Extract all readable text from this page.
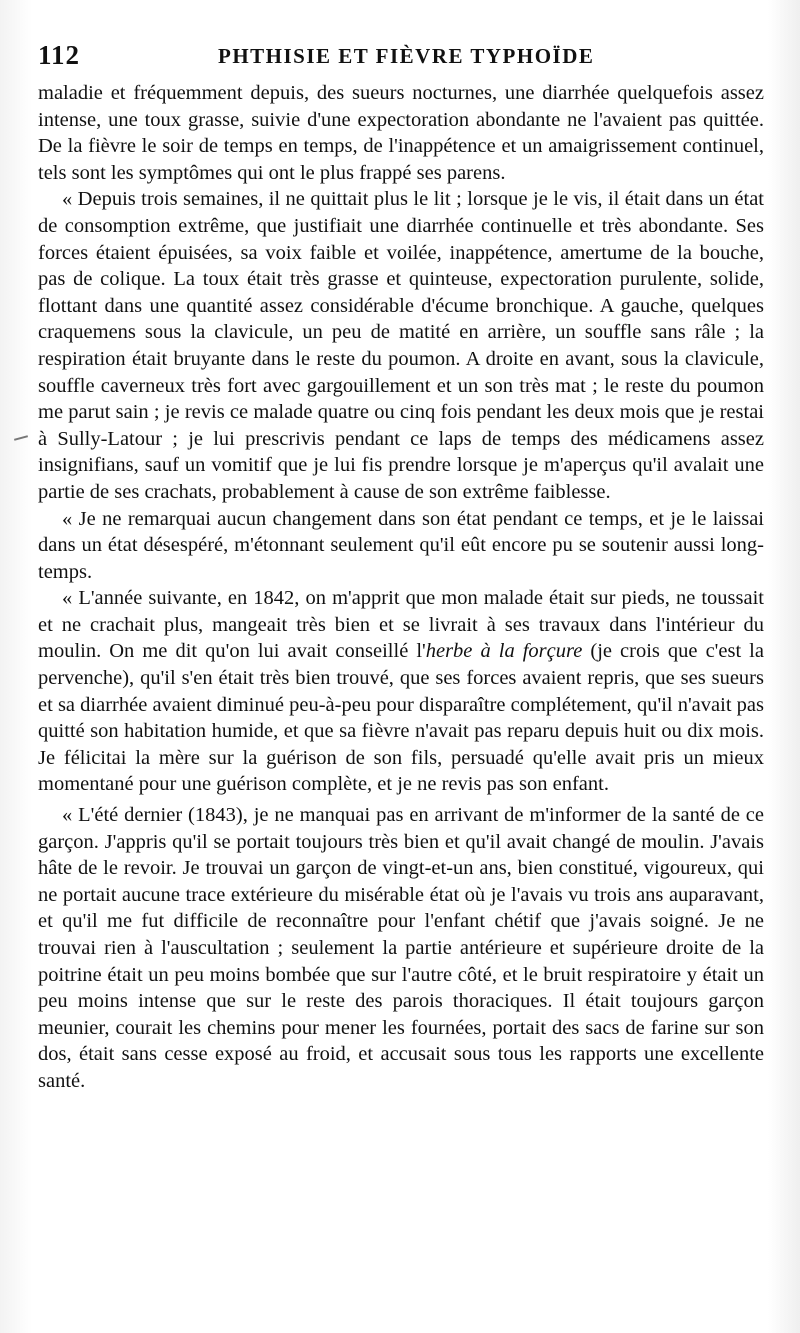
112	PHTHISIE ET FIÈVRE TYPHOÏDE

maladie et fréquemment depuis, des sueurs nocturnes, une diarrhée quelquefois assez intense, une toux grasse, suivie d'une expectoration abondante ne l'avaient pas quittée. De la fièvre le soir de temps en temps, de l'inappétence et un amaigrissement continuel, tels sont les symptômes qui ont le plus frappé ses parens.

« Depuis trois semaines, il ne quittait plus le lit ; lorsque je le vis, il était dans un état de consomption extrême, que justifiait une diarrhée continuelle et très abondante. Ses forces étaient épuisées, sa voix faible et voilée, inappétence, amertume de la bouche, pas de colique. La toux était très grasse et quinteuse, expectoration purulente, solide, flottant dans une quantité assez considérable d'écume bronchique. A gauche, quelques craquemens sous la clavicule, un peu de matité en arrière, un souffle sans râle ; la respiration était bruyante dans le reste du poumon. A droite en avant, sous la clavicule, souffle caverneux très fort avec gargouillement et un son très mat ; le reste du poumon me parut sain ; je revis ce malade quatre ou cinq fois pendant les deux mois que je restai à Sully-Latour ; je lui prescrivis pendant ce laps de temps des médicamens assez insignifians, sauf un vomitif que je lui fis prendre lorsque je m'aperçus qu'il avalait une partie de ses crachats, probablement à cause de son extrême faiblesse.

« Je ne remarquai aucun changement dans son état pendant ce temps, et je le laissai dans un état désespéré, m'étonnant seulement qu'il eût encore pu se soutenir aussi long-temps.

« L'année suivante, en 1842, on m'apprit que mon malade était sur pieds, ne toussait et ne crachait plus, mangeait très bien et se livrait à ses travaux dans l'intérieur du moulin. On me dit qu'on lui avait conseillé l'herbe à la forçure (je crois que c'est la pervenche), qu'il s'en était très bien trouvé, que ses forces avaient repris, que ses sueurs et sa diarrhée avaient diminué peu-à-peu pour disparaître complétement, qu'il n'avait pas quitté son habitation humide, et que sa fièvre n'avait pas reparu depuis huit ou dix mois. Je félicitai la mère sur la guérison de son fils, persuadé qu'elle avait pris un mieux momentané pour une guérison complète, et je ne revis pas son enfant.

« L'été dernier (1843), je ne manquai pas en arrivant de m'informer de la santé de ce garçon. J'appris qu'il se portait toujours très bien et qu'il avait changé de moulin. J'avais hâte de le revoir. Je trouvai un garçon de vingt-et-un ans, bien constitué, vigoureux, qui ne portait aucune trace extérieure du misérable état où je l'avais vu trois ans auparavant, et qu'il me fut difficile de reconnaître pour l'enfant chétif que j'avais soigné. Je ne trouvai rien à l'auscultation ; seulement la partie antérieure et supérieure droite de la poitrine était un peu moins bombée que sur l'autre côté, et le bruit respiratoire y était un peu moins intense que sur le reste des parois thoraciques. Il était toujours garçon meunier, courait les chemins pour mener les fournées, portait des sacs de farine sur son dos, était sans cesse exposé au froid, et accusait sous tous les rapports une excellente santé.
